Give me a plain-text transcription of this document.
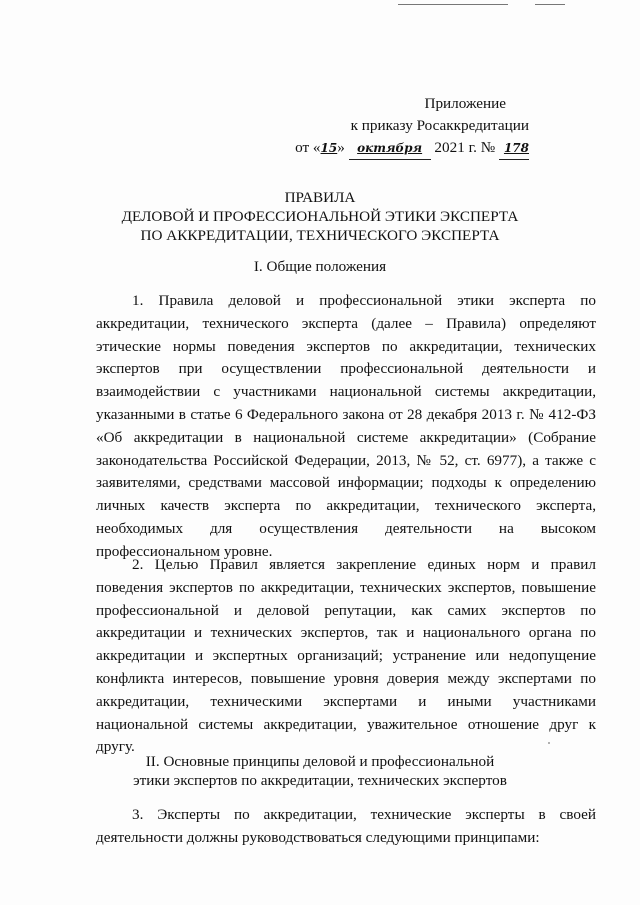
Приложение
к приказу Росаккредитации
от «15» октября 2021 г. № 178
ПРАВИЛА
ДЕЛОВОЙ И ПРОФЕССИОНАЛЬНОЙ ЭТИКИ ЭКСПЕРТА
ПО АККРЕДИТАЦИИ, ТЕХНИЧЕСКОГО ЭКСПЕРТА
I. Общие положения

1. Правила деловой и профессиональной этики эксперта по аккредитации, технического эксперта (далее – Правила) определяют этические нормы поведения экспертов по аккредитации, технических экспертов при осуществлении профессиональной деятельности и взаимодействии с участниками национальной системы аккредитации, указанными в статье 6 Федерального закона от 28 декабря 2013 г. № 412-ФЗ «Об аккредитации в национальной системе аккредитации» (Собрание законодательства Российской Федерации, 2013, № 52, ст. 6977), а также с заявителями, средствами массовой информации; подходы к определению личных качеств эксперта по аккредитации, технического эксперта, необходимых для осуществления деятельности на высоком профессиональном уровне.

2. Целью Правил является закрепление единых норм и правил поведения экспертов по аккредитации, технических экспертов, повышение профессиональной и деловой репутации, как самих экспертов по аккредитации и технических экспертов, так и национального органа по аккредитации и экспертных организаций; устранение или недопущение конфликта интересов, повышение уровня доверия между экспертами по аккредитации, техническими экспертами и иными участниками национальной системы аккредитации, уважительное отношение друг к другу.

II. Основные принципы деловой и профессиональной
этики экспертов по аккредитации, технических экспертов

3. Эксперты по аккредитации, технические эксперты в своей деятельности должны руководствоваться следующими принципами:
